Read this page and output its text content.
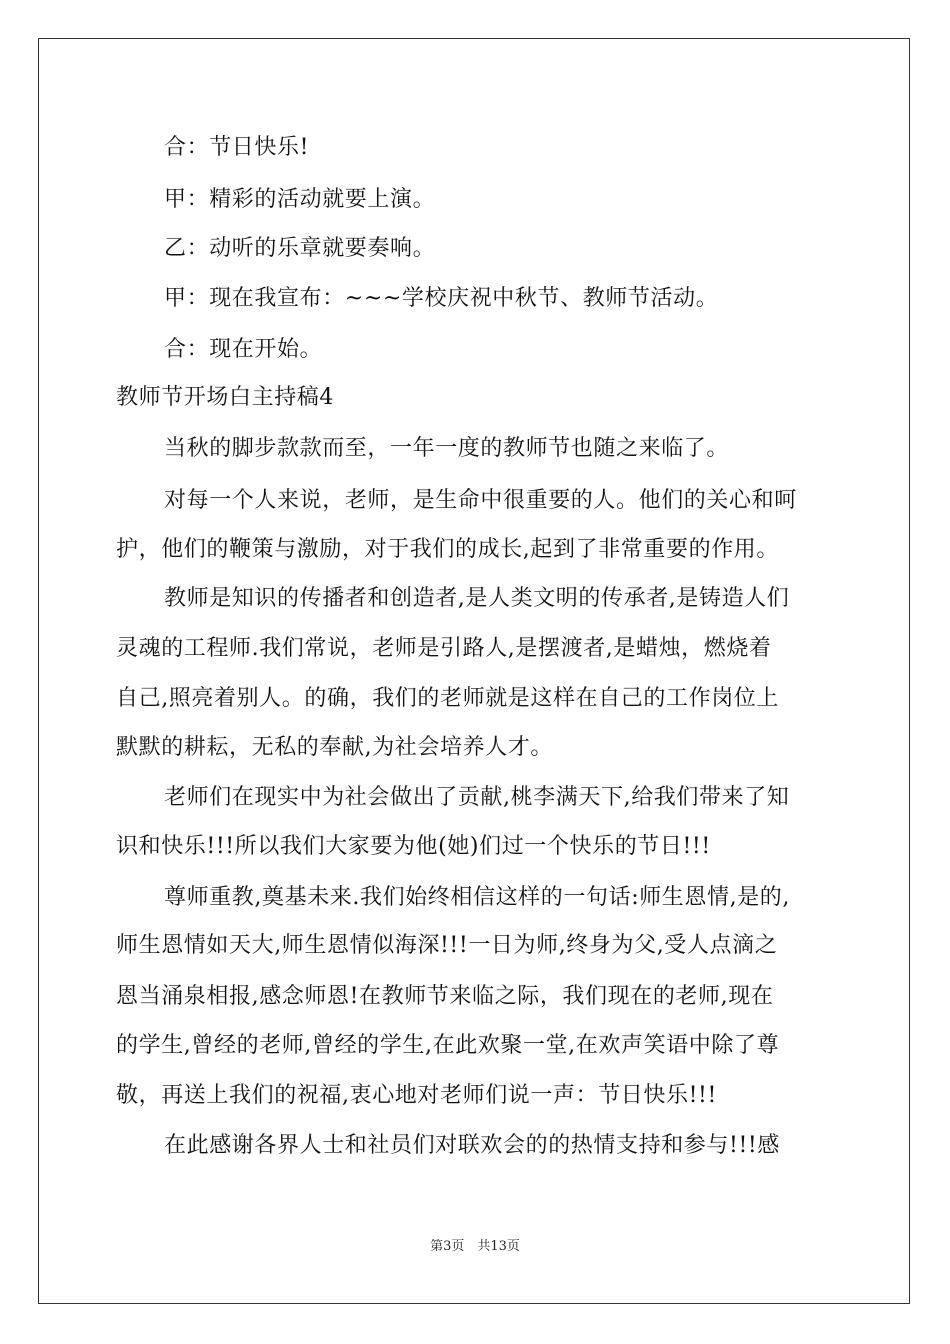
合：节日快乐!
甲：精彩的活动就要上演。
乙：动听的乐章就要奏响。
甲：现在我宣布：~~~学校庆祝中秋节、教师节活动。
合：现在开始。
教师节开场白主持稿4
当秋的脚步款款而至，一年一度的教师节也随之来临了。
对每一个人来说，老师，是生命中很重要的人。他们的关心和呵
护，他们的鞭策与激励，对于我们的成长,起到了非常重要的作用。
教师是知识的传播者和创造者,是人类文明的传承者,是铸造人们
灵魂的工程师.我们常说，老师是引路人,是摆渡者,是蜡烛，燃烧着
自己,照亮着别人。的确，我们的老师就是这样在自己的工作岗位上
默默的耕耘，无私的奉献,为社会培养人才。
老师们在现实中为社会做出了贡献,桃李满天下,给我们带来了知
识和快乐!!!所以我们大家要为他(她)们过一个快乐的节日!!!
尊师重教,奠基未来.我们始终相信这样的一句话:师生恩情,是的,
师生恩情如天大,师生恩情似海深!!!一日为师,终身为父,受人点滴之
恩当涌泉相报,感念师恩!在教师节来临之际，我们现在的老师,现在
的学生,曾经的老师,曾经的学生,在此欢聚一堂,在欢声笑语中除了尊
敬，再送上我们的祝福,衷心地对老师们说一声：节日快乐!!!
在此感谢各界人士和社员们对联欢会的的热情支持和参与!!!感
第3页　共13页
